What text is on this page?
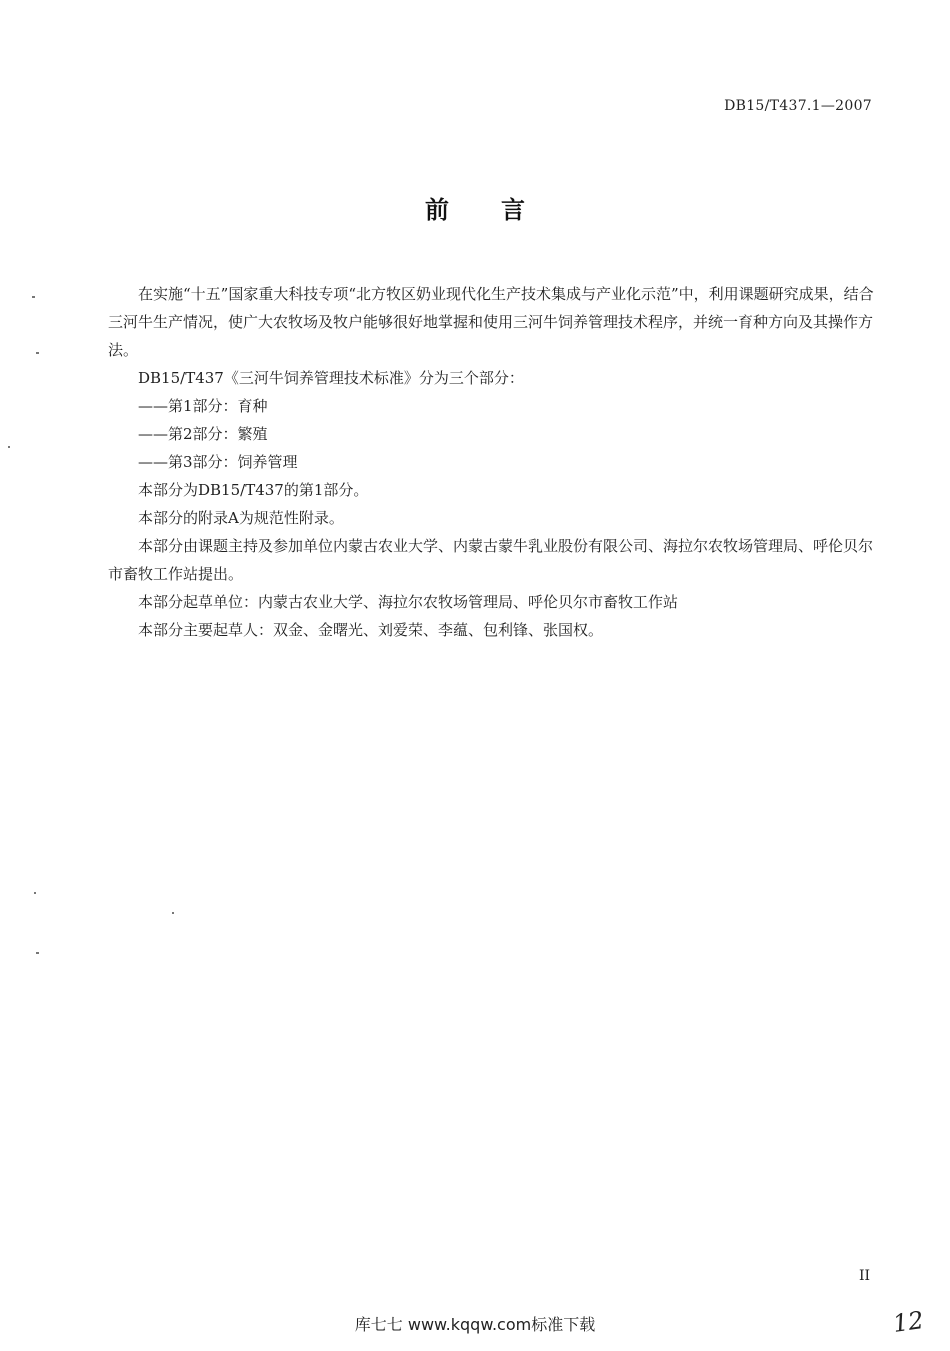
DB15/T437.1—2007
前言

在实施“十五”国家重大科技专项“北方牧区奶业现代化生产技术集成与产业化示范”中，利用课题研究成果，结合三河牛生产情况，使广大农牧场及牧户能够很好地掌握和使用三河牛饲养管理技术程序，并统一育种方向及其操作方法。

DB15/T437《三河牛饲养管理技术标准》分为三个部分：

——第1部分：育种

——第2部分：繁殖

——第3部分：饲养管理

本部分为DB15/T437的第1部分。

本部分的附录A为规范性附录。

本部分由课题主持及参加单位内蒙古农业大学、内蒙古蒙牛乳业股份有限公司、海拉尔农牧场管理局、呼伦贝尔市畜牧工作站提出。

本部分起草单位：内蒙古农业大学、海拉尔农牧场管理局、呼伦贝尔市畜牧工作站

本部分主要起草人：双金、金曙光、刘爱荣、李蕴、包利锋、张国权。

II
库七七 www.kqqw.com标准下载	12
